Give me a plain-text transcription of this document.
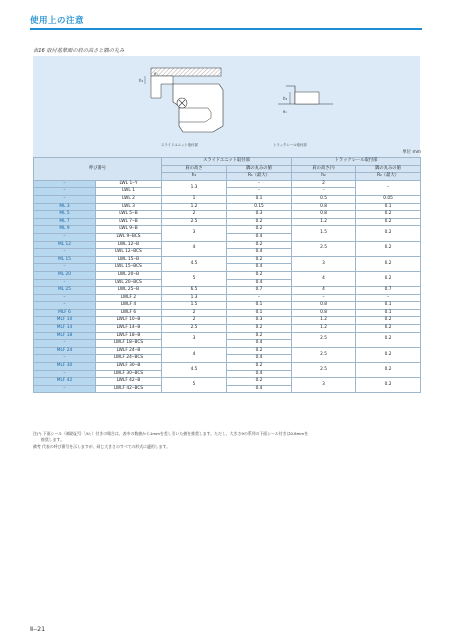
使用上の注意
表16 取付基準面の肩の高さと隅の丸み
h₁
R₁
h₂
R₂
スライドユニット取付部	トラックレール取付部
単位 mm
呼び番号		スライドユニット取付部		トラックレール取付部	
		肩の高さ	隅の丸みの値	肩の高さ(¹)	隅の丸みの値
		h₁	R₁（最大）	h₂	R₂（最大）
–	LWL 1‒Y	1.3	–	2	–
–	LWL 1		–	–	
–	LWL 2	1	0.1	0.5	0.05
ML 3	LWL 3	1.2	0.15	0.8	0.1
ML 5	LWL 5‒B	2	0.3	0.8	0.2
ML 7	LWL 7‒B	2.5	0.2	1.2	0.2
ML 9	LWL 9‒B	3	0.2	1.5	0.2
–	LWL 9‒BCS		0.4		
ML 12	LWL 12‒B	4	0.2	2.5	0.2
–	LWL 12‒BCS		0.4		
ML 15	LWL 15‒B	4.5	0.2	3	0.2
–	LWL 15‒BCS		0.4		
ML 20	LWL 20‒B	5	0.2	4	0.2
–	LWL 20‒BCS		0.4		
ML 25	LWL 25‒B	6.5	0.7	4	0.7
–	LWLF 2	1.3	–	–	–
–	LWLF 4	1.5	0.1	0.8	0.1
MLF 6	LWLF 6	2	0.1	0.8	0.1
MLF 10	LWLF 10‒B	2	0.3	1.2	0.2
MLF 14	LWLF 14‒B	2.5	0.2	1.2	0.2
MLF 18	LWLF 18‒B	3	0.2	2.5	0.2
–	LWLF 18‒BCS		0.4		
MLF 24	LWLF 24‒B	4	0.2	2.5	0.2
–	LWLF 24‒BCS		0.4		
MLF 30	LWLF 30‒B	4.5	0.2	2.5	0.2
–	LWLF 30‒BCS		0.4		
MLF 42	LWLF 42‒B	5	0.2	3	0.2
–	LWLF 42‒BCS		0.4		
注(¹) 下面シール（補助記号「/U」）付きの場合は、表中の数値から1mmを差し引いた値を推奨します。ただし、大きさ9の系列の下面シール付きは0.8mmを
推奨します。
備考 代表の呼び番号を示しますが、同じ大きさのすべての形式に適用します。
Ⅱ‒21
